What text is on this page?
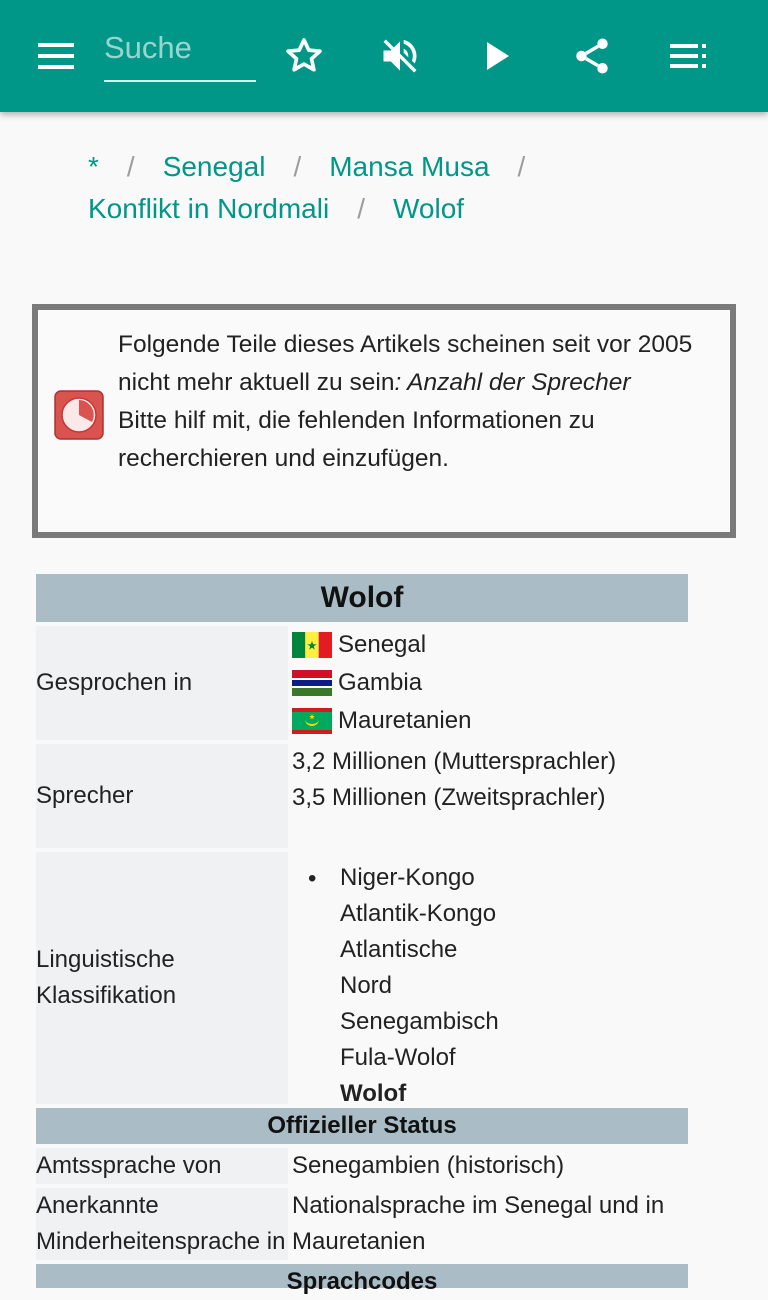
Suche
* / Senegal / Mansa Musa /
Konflikt in Nordmali / Wolof
Folgende Teile dieses Artikels scheinen seit vor 2005 nicht mehr aktuell zu sein: Anzahl der Sprecher
Bitte hilf mit, die fehlenden Informationen zu recherchieren und einzufügen.
Wolof
Gesprochen in
Senegal
Gambia
Mauretanien
Sprecher
3,2 Millionen (Muttersprachler)
3,5 Millionen (Zweitsprachler)
Linguistische Klassifikation
• Niger-Kongo
Atlantik-Kongo
Atlantische
Nord
Senegambisch
Fula-Wolof
Wolof
Offizieller Status
Amtssprache von	Senegambien (historisch)
Anerkannte Minderheitensprache in
Nationalsprache im Senegal und in Mauretanien
Sprachcodes
